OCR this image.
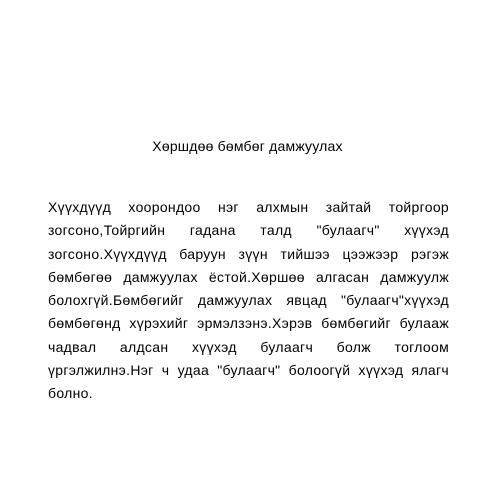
Хөршдөө бөмбөг дамжуулах
Хүүхдүүд хоорондоо нэг алхмын зайтай тойргоор
зогсоно,Тойргийн гадана талд "булаагч" хүүхэд
зогсоно.Хүүхдүүд баруун зүүн тийшээ цээжээр рэгэж
бөмбөгөө дамжуулах ёстой.Хөршөө алгасан дамжуулж
болохгүй.Бөмбөгийг дамжуулах явцад "булаагч"хүүхэд
бөмбөгөнд хүрэхийг эрмэлзэнэ.Хэрэв бөмбөгийг булааж
чадвал алдсан хүүхэд булаагч болж тоглоом
үргэлжилнэ.Нэг ч удаа "булаагч" болоогүй хүүхэд ялагч
болно.
